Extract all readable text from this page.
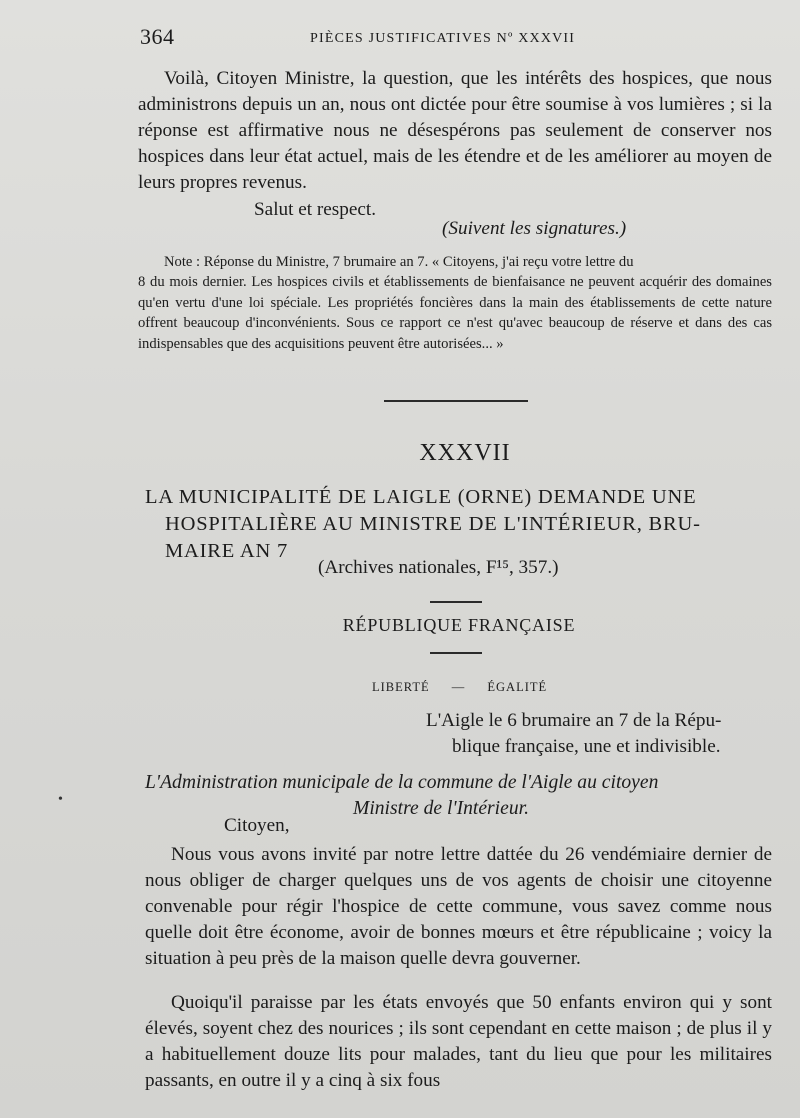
364	PIÈCES JUSTIFICATIVES Nº XXXVII

Voilà, Citoyen Ministre, la question, que les intérêts des hospices, que nous administrons depuis un an, nous ont dictée pour être soumise à vos lumières ; si la réponse est affirmative nous ne désespérons pas seulement de conserver nos hospices dans leur état actuel, mais de les étendre et de les améliorer au moyen de leurs propres revenus.

Salut et respect.
(Suivent les signatures.)
Note : Réponse du Ministre, 7 brumaire an 7. « Citoyens, j'ai reçu votre lettre du
8 du mois dernier. Les hospices civils et établissements de bienfaisance ne peuvent acquérir des domaines qu'en vertu d'une loi spéciale. Les propriétés foncières dans la main des établissements de cette nature offrent beaucoup d'inconvénients. Sous ce rapport ce n'est qu'avec beaucoup de réserve et dans des cas indispensables que des acquisitions peuvent être autorisées... »
XXXVII
LA MUNICIPALITÉ DE LAIGLE (ORNE) DEMANDE UNE
HOSPITALIÈRE AU MINISTRE DE L'INTÉRIEUR, BRU-
MAIRE AN 7
(Archives nationales, F¹⁵, 357.)
RÉPUBLIQUE FRANÇAISE
LIBERTÉ — ÉGALITÉ
L'Aigle le 6 brumaire an 7 de la Répu-
blique française, une et indivisible.
L'Administration municipale de la commune de l'Aigle au citoyen
Ministre de l'Intérieur.
•
Citoyen,

Nous vous avons invité par notre lettre dattée du 26 vendémiaire dernier de nous obliger de charger quelques uns de vos agents de choisir une citoyenne convenable pour régir l'hospice de cette commune, vous savez comme nous quelle doit être économe, avoir de bonnes mœurs et être républicaine ; voicy la situation à peu près de la maison quelle devra gouverner.

Quoiqu'il paraisse par les états envoyés que 50 enfants environ qui y sont élevés, soyent chez des nourices ; ils sont cependant en cette maison ; de plus il y a habituellement douze lits pour malades, tant du lieu que pour les militaires passants, en outre il y a cinq à six fous
